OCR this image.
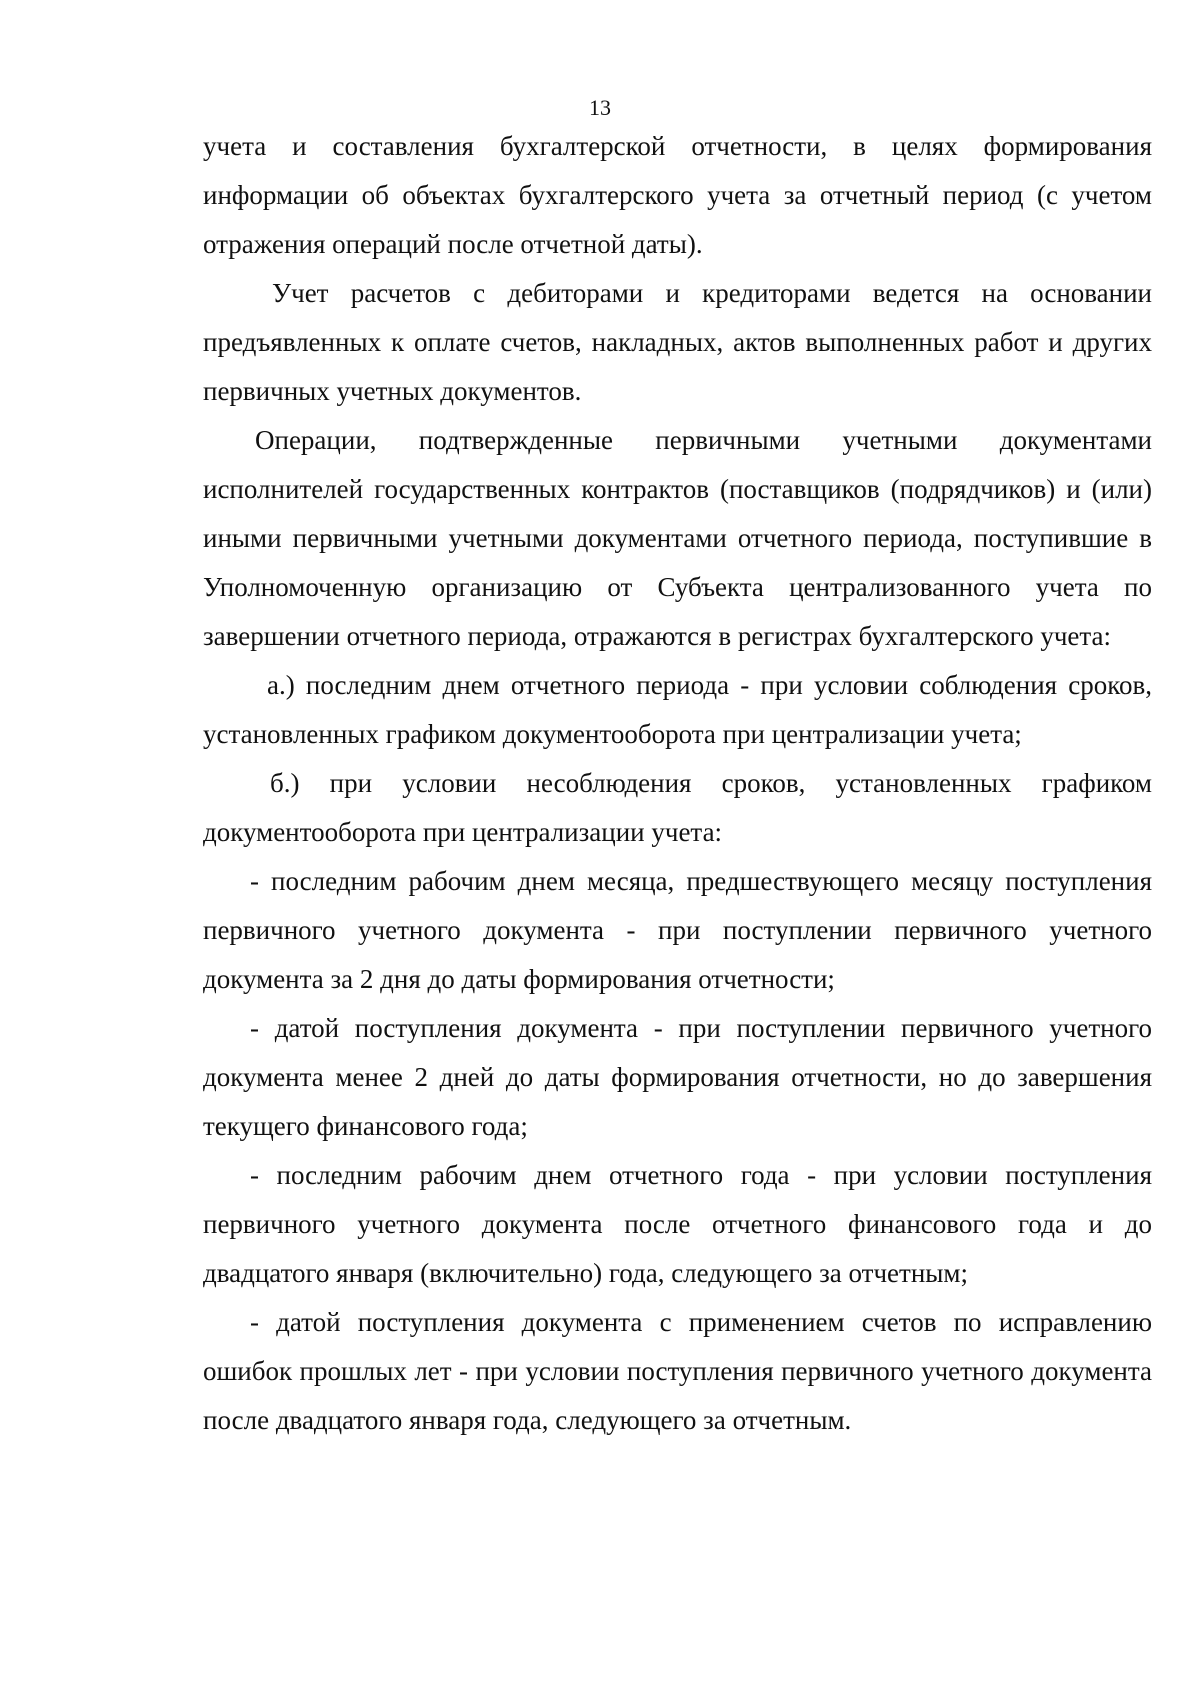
13

учета и составления бухгалтерской отчетности, в целях формирования информации об объектах бухгалтерского учета за отчетный период (с учетом отражения операций после отчетной даты).

Учет расчетов с дебиторами и кредиторами ведется на основании предъявленных к оплате счетов, накладных, актов выполненных работ и других первичных учетных документов.

Операции, подтвержденные первичными учетными документами исполнителей государственных контрактов (поставщиков (подрядчиков) и (или) иными первичными учетными документами отчетного периода, поступившие в Уполномоченную организацию от Субъекта централизованного учета по завершении отчетного периода, отражаются в регистрах бухгалтерского учета:

а.) последним днем отчетного периода - при условии соблюдения сроков, установленных графиком документооборота при централизации учета;

б.) при условии несоблюдения сроков, установленных графиком документооборота при централизации учета:

- последним рабочим днем месяца, предшествующего месяцу поступления первичного учетного документа - при поступлении первичного учетного документа за 2 дня до даты формирования отчетности;

- датой поступления документа - при поступлении первичного учетного документа менее 2 дней до даты формирования отчетности, но до завершения текущего финансового года;

- последним рабочим днем отчетного года - при условии поступления первичного учетного документа после отчетного финансового года и до двадцатого января (включительно) года, следующего за отчетным;

- датой поступления документа с применением счетов по исправлению ошибок прошлых лет - при условии поступления первичного учетного документа после двадцатого января года, следующего за отчетным.
